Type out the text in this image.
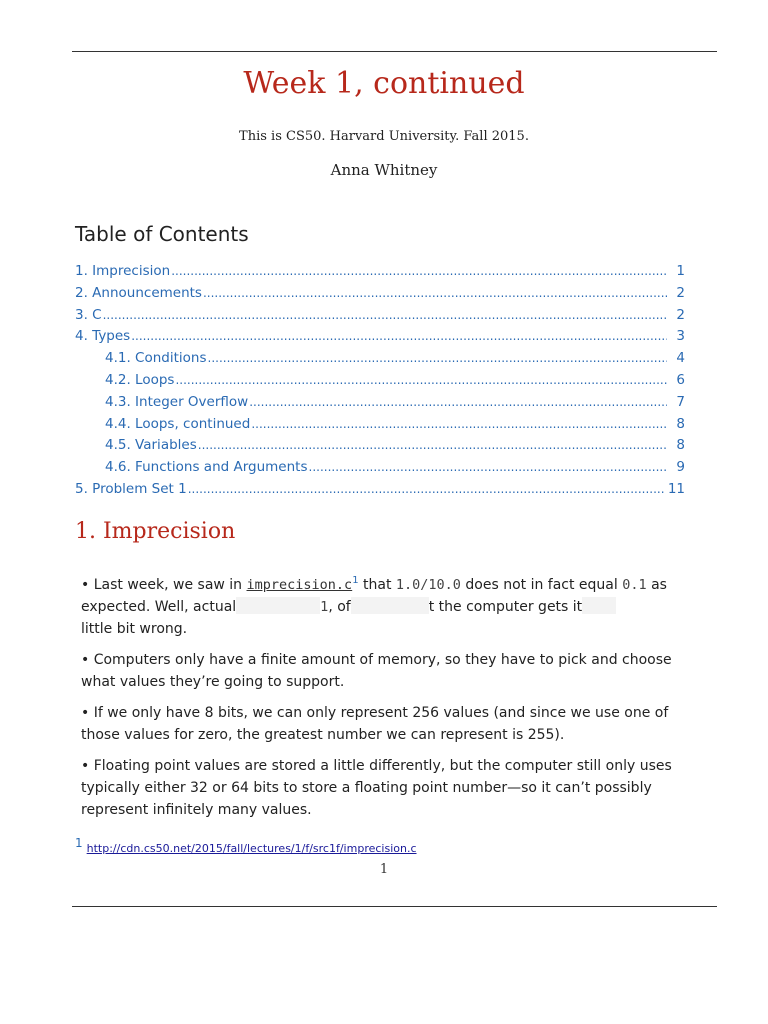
Week 1, continued
This is CS50. Harvard University. Fall 2015.
Anna Whitney
Table of Contents
1. Imprecision .....	1
2. Announcements .....	2
3. C .....	2
4. Types .....	3
4.1. Conditions .....	4
4.2. Loops .....	6
4.3. Integer Overflow .....	7
4.4. Loops, continued .....	8
4.5. Variables .....	8
4.6. Functions and Arguments .....	9
5. Problem Set 1 .....	11
1. Imprecision

• Last week, we saw in imprecision.c$^1$ that 1.0/10.0 does not in fact equal 0.1 as expected. Well, actual	1, of	t the computer gets it
little bit wrong.

• Computers only have a finite amount of memory, so they have to pick and choose what values they’re going to support.

• If we only have 8 bits, we can only represent 256 values (and since we use one of those values for zero, the greatest number we can represent is 255).

• Floating point values are stored a little differently, but the computer still only uses typically either 32 or 64 bits to store a floating point number—so it can’t possibly represent infinitely many values.

1 http://cdn.cs50.net/2015/fall/lectures/1/f/src1f/imprecision.c
1
